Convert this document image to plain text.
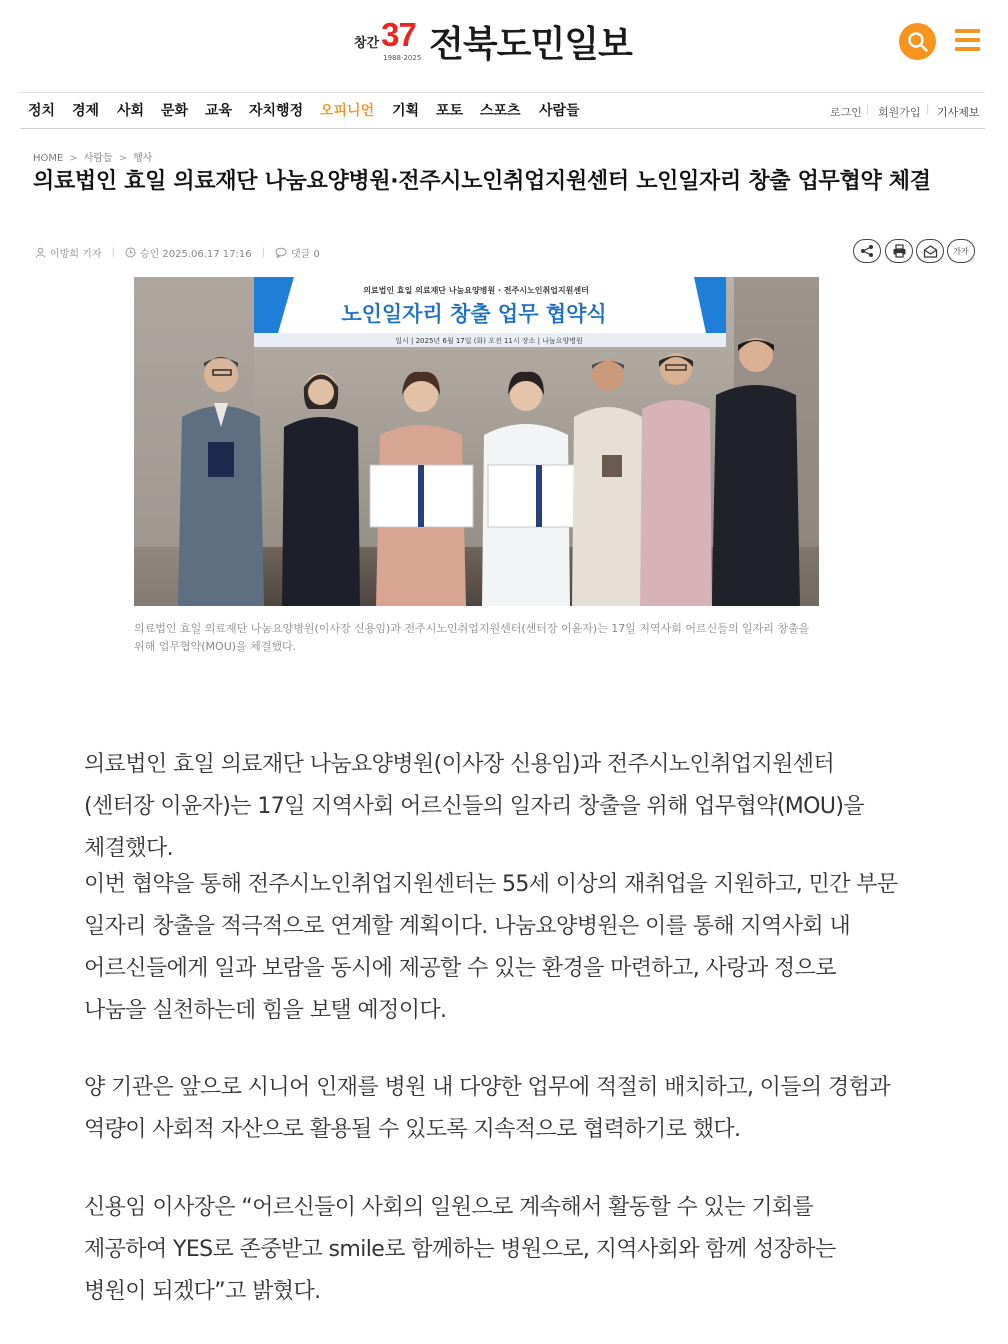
창간 37
1988-2025 전북도민일보
정치 경제 사회 문화 교육 자치행정 오피니언 기획 포토 스포츠 사람들	로그인 | 회원가입 | 기사제보
HOME > 사람들 > 행사
의료법인 효일 의료재단 나눔요양병원·전주시노인취업지원센터 노인일자리 창출 업무협약 체결
이방희 기자 |	승인 2025.06.17 17:16 |	댓글 0	가가
의료법인 효일 의료재단 나눔요양병원 · 전주시노인취업지원센터
노인일자리 창출 업무 협약식
일시 | 2025년 6월 17일 (화) 오전 11시 장소 | 나눔요양병원

의료법인 효일 의료재단 나눔요양병원(이사장 신용임)과 전주시노인취업지원센터(센터장 이윤자)는 17일 지역사회 어르신들의 일자리 창출을 위해 업무협약(MOU)을 체결했다.

의료법인 효일 의료재단 나눔요양병원(이사장 신용임)과 전주시노인취업지원센터(센터장 이윤자)는 17일 지역사회 어르신들의 일자리 창출을 위해 업무협약(MOU)을 체결했다.

이번 협약을 통해 전주시노인취업지원센터는 55세 이상의 재취업을 지원하고, 민간 부문 일자리 창출을 적극적으로 연계할 계획이다. 나눔요양병원은 이를 통해 지역사회 내 어르신들에게 일과 보람을 동시에 제공할 수 있는 환경을 마련하고, 사랑과 정으로 나눔을 실천하는데 힘을 보탤 예정이다.

양 기관은 앞으로 시니어 인재를 병원 내 다양한 업무에 적절히 배치하고, 이들의 경험과 역량이 사회적 자산으로 활용될 수 있도록 지속적으로 협력하기로 했다.

신용임 이사장은 “어르신들이 사회의 일원으로 계속해서 활동할 수 있는 기회를 제공하여 YES로 존중받고 smile로 함께하는 병원으로, 지역사회와 함께 성장하는 병원이 되겠다”고 밝혔다.
